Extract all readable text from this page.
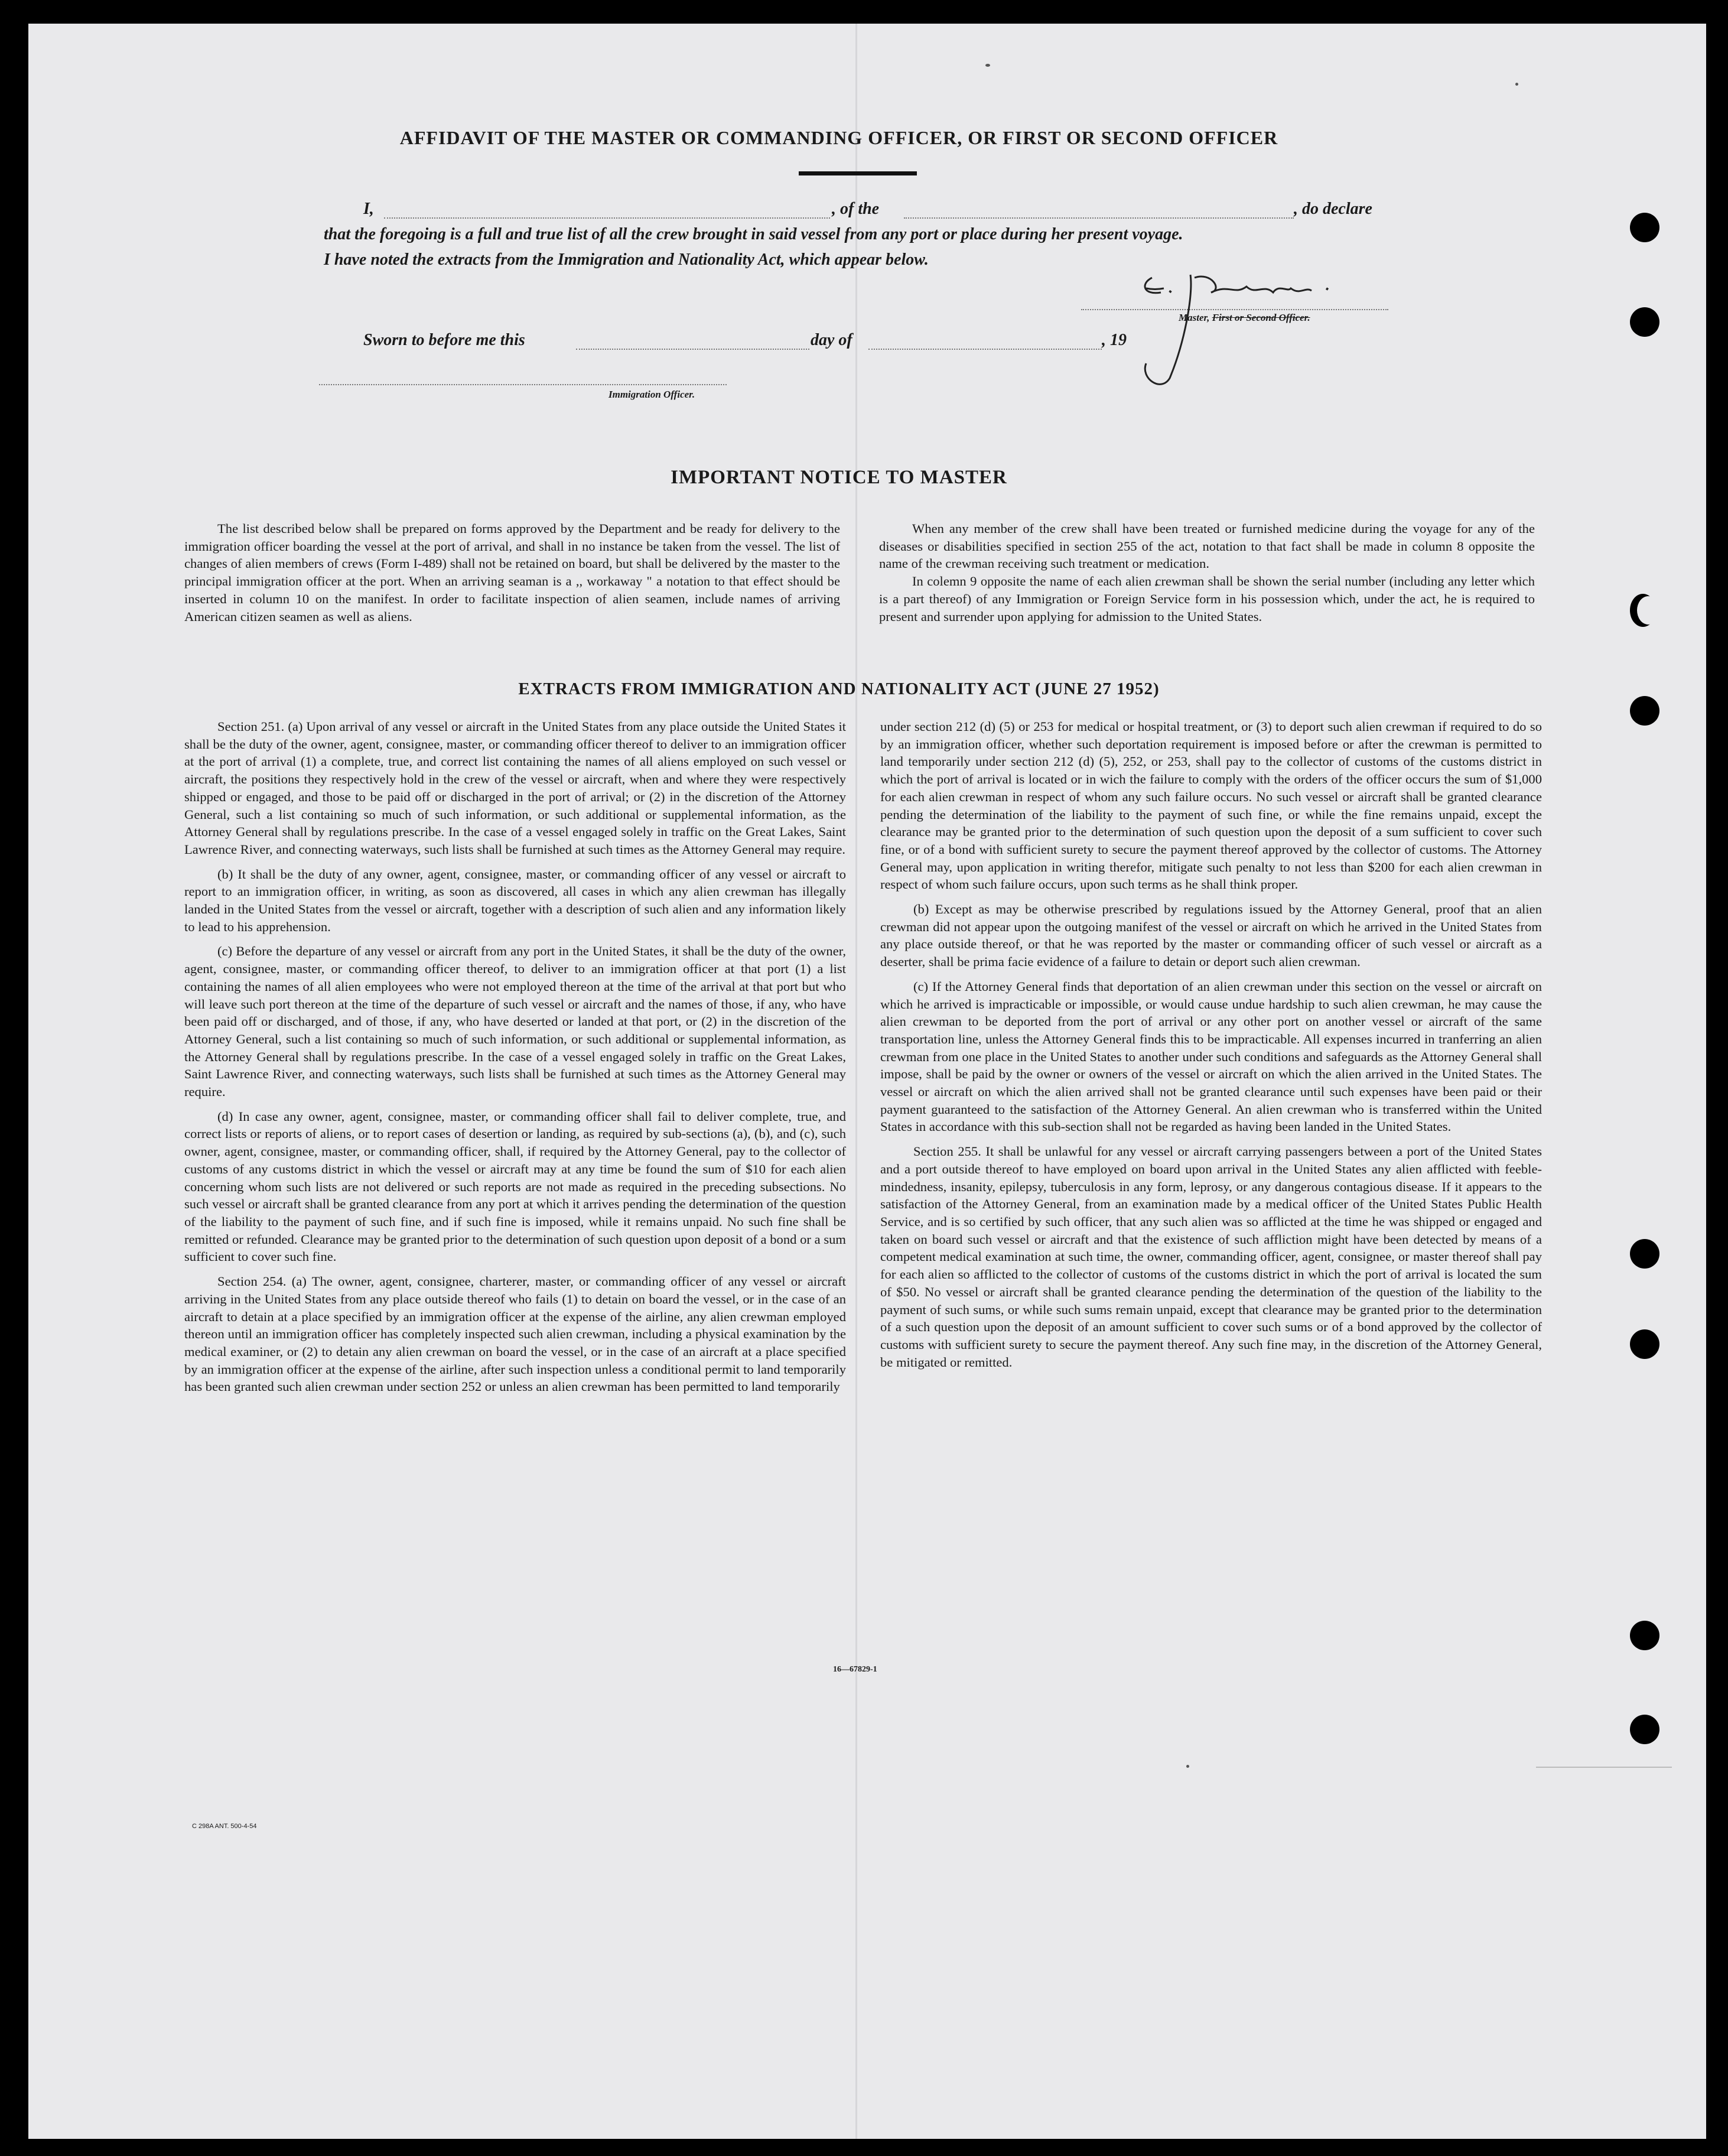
AFFIDAVIT OF THE MASTER OR COMMANDING OFFICER, OR FIRST OR SECOND OFFICER
I,	, of the	, do declare
that the foregoing is a full and true list of all the crew brought in said vessel from any port or place during her present voyage.
I have noted the extracts from the Immigration and Nationality Act, which appear below.
Master, First or Second Officer.
Sworn to before me this	day of	, 19
Immigration Officer.
IMPORTANT NOTICE TO MASTER

The list described below shall be prepared on forms approved by the Department and be ready for delivery to the immigration officer boarding the vessel at the port of arrival, and shall in no instance be taken from the vessel. The list of changes of alien members of crews (Form I-489) shall not be retained on board, but shall be delivered by the master to the principal immigration officer at the port. When an arriving seaman is a ,, workaway " a notation to that effect should be inserted in column 10 on the manifest. In order to facilitate inspection of alien seamen, include names of arriving American citizen seamen as well as aliens.

When any member of the crew shall have been treated or furnished medicine during the voyage for any of the diseases or disabilities specified in section 255 of the act, notation to that fact shall be made in column 8 opposite the name of the crewman receiving such treatment or medication.

In colemn 9 opposite the name of each alien crewman shall be shown the serial number (including any letter which is a part thereof) of any Immigration or Foreign Service form in his possession which, under the act, he is required to present and surrender upon applying for admission to the United States.

EXTRACTS FROM IMMIGRATION AND NATIONALITY ACT (JUNE 27 1952)

Section 251. (a) Upon arrival of any vessel or aircraft in the United States from any place outside the United States it shall be the duty of the owner, agent, consignee, master, or commanding officer thereof to deliver to an immigration officer at the port of arrival (1) a complete, true, and correct list containing the names of all aliens employed on such vessel or aircraft, the positions they respectively hold in the crew of the vessel or aircraft, when and where they were respectively shipped or engaged, and those to be paid off or discharged in the port of arrival; or (2) in the discretion of the Attorney General, such a list containing so much of such information, or such additional or supplemental information, as the Attorney General shall by regulations prescribe. In the case of a vessel engaged solely in traffic on the Great Lakes, Saint Lawrence River, and connecting waterways, such lists shall be furnished at such times as the Attorney General may require.

(b) It shall be the duty of any owner, agent, consignee, master, or commanding officer of any vessel or aircraft to report to an immigration officer, in writing, as soon as discovered, all cases in which any alien crewman has illegally landed in the United States from the vessel or aircraft, together with a description of such alien and any information likely to lead to his apprehension.

(c) Before the departure of any vessel or aircraft from any port in the United States, it shall be the duty of the owner, agent, consignee, master, or commanding officer thereof, to deliver to an immigration officer at that port (1) a list containing the names of all alien employees who were not employed thereon at the time of the arrival at that port but who will leave such port thereon at the time of the departure of such vessel or aircraft and the names of those, if any, who have been paid off or discharged, and of those, if any, who have deserted or landed at that port, or (2) in the discretion of the Attorney General, such a list containing so much of such information, or such additional or supplemental information, as the Attorney General shall by regulations prescribe. In the case of a vessel engaged solely in traffic on the Great Lakes, Saint Lawrence River, and connecting waterways, such lists shall be furnished at such times as the Attorney General may require.

(d) In case any owner, agent, consignee, master, or commanding officer shall fail to deliver complete, true, and correct lists or reports of aliens, or to report cases of desertion or landing, as required by sub-sections (a), (b), and (c), such owner, agent, consignee, master, or commanding officer, shall, if required by the Attorney General, pay to the collector of customs of any customs district in which the vessel or aircraft may at any time be found the sum of $10 for each alien concerning whom such lists are not delivered or such reports are not made as required in the preceding subsections. No such vessel or aircraft shall be granted clearance from any port at which it arrives pending the determination of the question of the liability to the payment of such fine, and if such fine is imposed, while it remains unpaid. No such fine shall be remitted or refunded. Clearance may be granted prior to the determination of such question upon deposit of a bond or a sum sufficient to cover such fine.

Section 254. (a) The owner, agent, consignee, charterer, master, or commanding officer of any vessel or aircraft arriving in the United States from any place outside thereof who fails (1) to detain on board the vessel, or in the case of an aircraft to detain at a place specified by an immigration officer at the expense of the airline, any alien crewman employed thereon until an immigration officer has completely inspected such alien crewman, including a physical examination by the medical examiner, or (2) to detain any alien crewman on board the vessel, or in the case of an aircraft at a place specified by an immigration officer at the expense of the airline, after such inspection unless a conditional permit to land temporarily has been granted such alien crewman under section 252 or unless an alien crewman has been permitted to land temporarily

under section 212 (d) (5) or 253 for medical or hospital treatment, or (3) to deport such alien crewman if required to do so by an immigration officer, whether such deportation requirement is imposed before or after the crewman is permitted to land temporarily under section 212 (d) (5), 252, or 253, shall pay to the collector of customs of the customs district in which the port of arrival is located or in wich the failure to comply with the orders of the officer occurs the sum of $1,000 for each alien crewman in respect of whom any such failure occurs. No such vessel or aircraft shall be granted clearance pending the determination of the liability to the payment of such fine, or while the fine remains unpaid, except the clearance may be granted prior to the determination of such question upon the deposit of a sum sufficient to cover such fine, or of a bond with sufficient surety to secure the payment thereof approved by the collector of customs. The Attorney General may, upon application in writing therefor, mitigate such penalty to not less than $200 for each alien crewman in respect of whom such failure occurs, upon such terms as he shall think proper.

(b) Except as may be otherwise prescribed by regulations issued by the Attorney General, proof that an alien crewman did not appear upon the outgoing manifest of the vessel or aircraft on which he arrived in the United States from any place outside thereof, or that he was reported by the master or commanding officer of such vessel or aircraft as a deserter, shall be prima facie evidence of a failure to detain or deport such alien crewman.

(c) If the Attorney General finds that deportation of an alien crewman under this section on the vessel or aircraft on which he arrived is impracticable or impossible, or would cause undue hardship to such alien crewman, he may cause the alien crewman to be deported from the port of arrival or any other port on another vessel or aircraft of the same transportation line, unless the Attorney General finds this to be impracticable. All expenses incurred in tranferring an alien crewman from one place in the United States to another under such conditions and safeguards as the Attorney General shall impose, shall be paid by the owner or owners of the vessel or aircraft on which the alien arrived in the United States. The vessel or aircraft on which the alien arrived shall not be granted clearance until such expenses have been paid or their payment guaranteed to the satisfaction of the Attorney General. An alien crewman who is transferred within the United States in accordance with this sub-section shall not be regarded as having been landed in the United States.

Section 255. It shall be unlawful for any vessel or aircraft carrying passengers between a port of the United States and a port outside thereof to have employed on board upon arrival in the United States any alien afflicted with feeble-mindedness, insanity, epilepsy, tuberculosis in any form, leprosy, or any dangerous contagious disease. If it appears to the satisfaction of the Attorney General, from an examination made by a medical officer of the United States Public Health Service, and is so certified by such officer, that any such alien was so afflicted at the time he was shipped or engaged and taken on board such vessel or aircraft and that the existence of such affliction might have been detected by means of a competent medical examination at such time, the owner, commanding officer, agent, consignee, or master thereof shall pay for each alien so afflicted to the collector of customs of the customs district in which the port of arrival is located the sum of $50. No vessel or aircraft shall be granted clearance pending the determination of the question of the liability to the payment of such sums, or while such sums remain unpaid, except that clearance may be granted prior to the determination of a such question upon the deposit of an amount sufficient to cover such sums or of a bond approved by the collector of customs with sufficient surety to secure the payment thereof. Any such fine may, in the discretion of the Attorney General, be mitigated or remitted.

16—67829-1
C 298A ANT. 500-4-54
